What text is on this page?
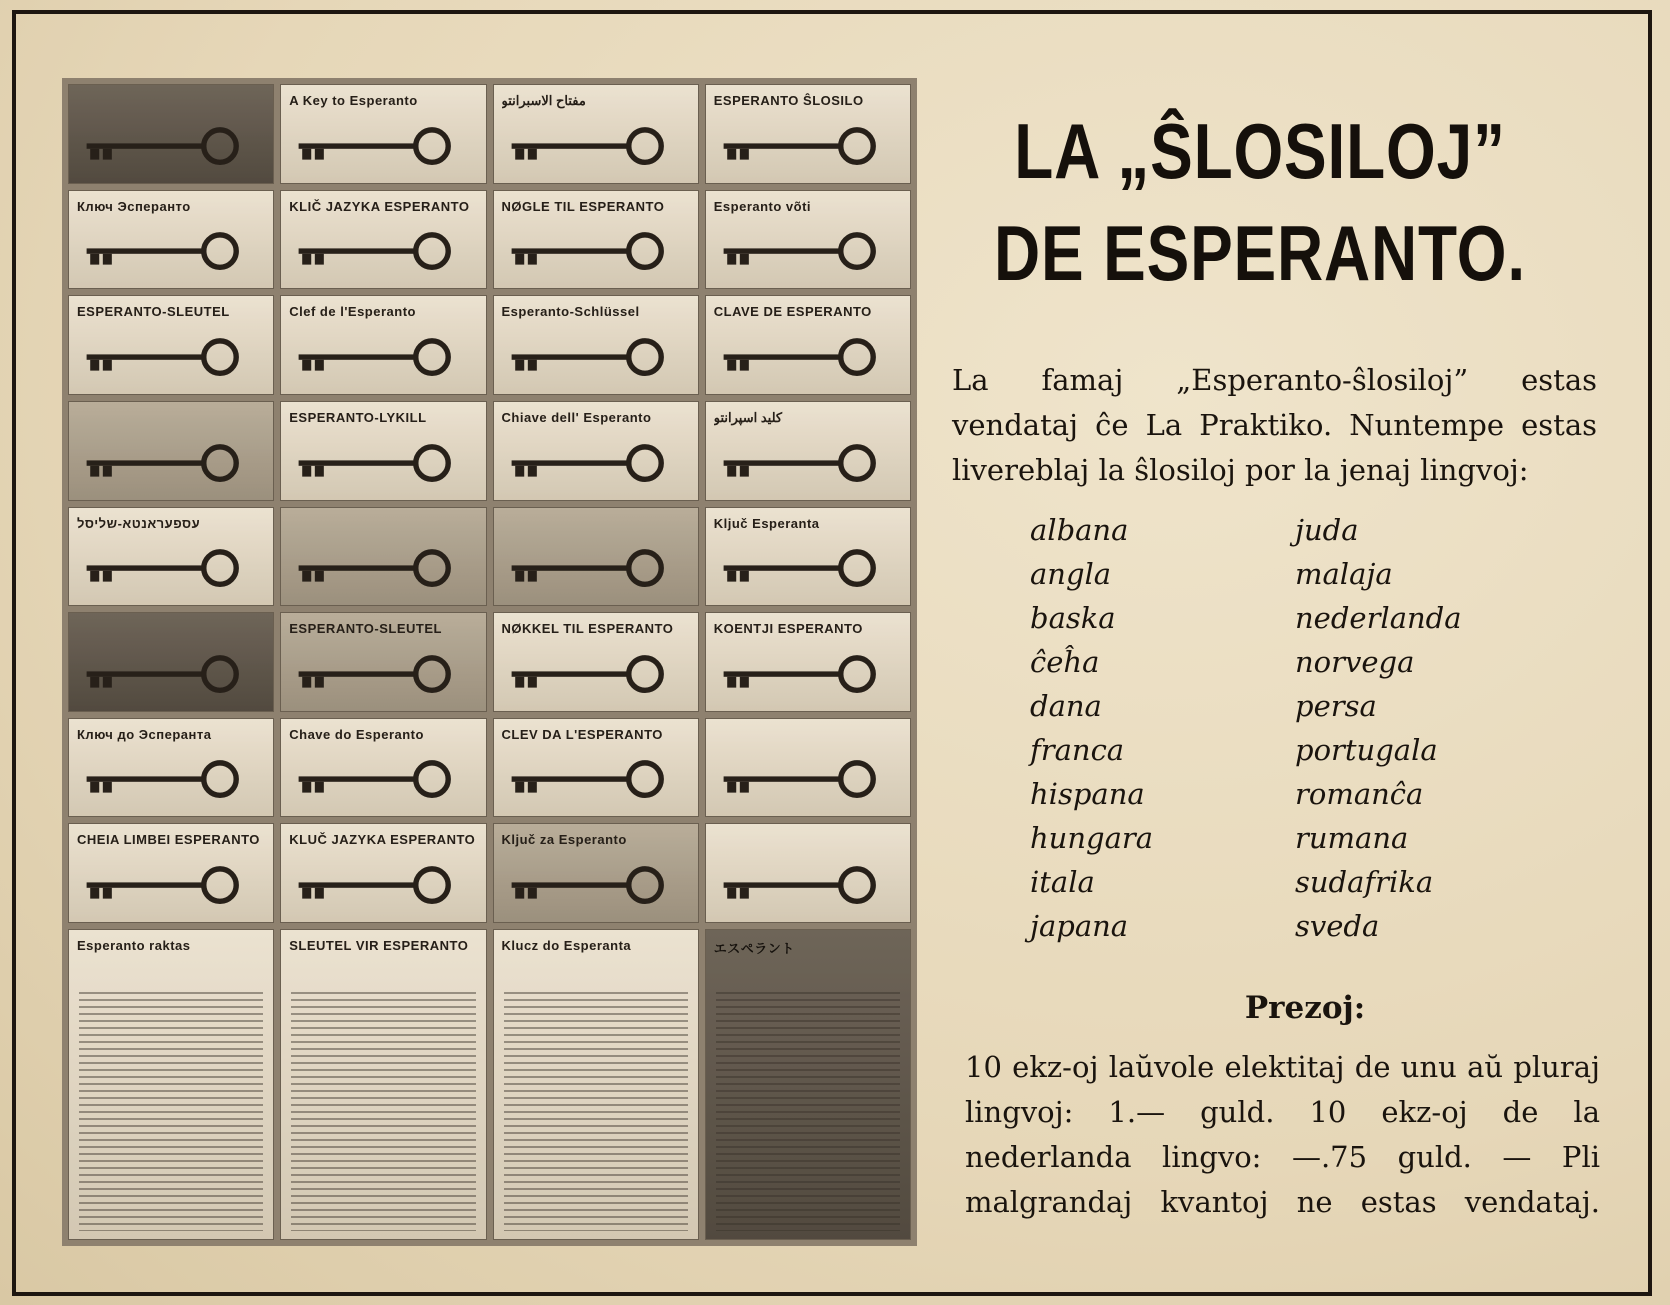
A Key to Esperanto	مفتاح الاسبرانتو	ESPERANTO ŜLOSILO
Ключ Эсперанто	KLIČ JAZYKA ESPERANTO	NØGLE TIL ESPERANTO	Esperanto võti
ESPERANTO-SLEUTEL	Clef de l'Esperanto	Esperanto-Schlüssel	CLAVE DE ESPERANTO
ESPERANTO-LYKILL	Chiave dell' Esperanto	كليد اسپرانتو
עספעראנטא-שליסל	Ključ Esperanta
ESPERANTO-SLEUTEL	NØKKEL TIL ESPERANTO	KOENTJI ESPERANTO
Ключ до Эсперанта	Chave do Esperanto	CLEV DA L'ESPERANTO
CHEIA LIMBEI ESPERANTO	KLUČ JAZYKA ESPERANTO Ključ za Esperanto
Esperanto raktas	SLEUTEL VIR ESPERANTO	Klucz do Esperanta	エスペラント
LA „ŜLOSILOJ”
DE ESPERANTO.
La famaj „Esperanto-ŝlosiloj” estas vendataj ĉe La Praktiko. Nuntempe estas livereblaj la ŝlosiloj por la jenaj lingvoj:
albana	juda
angla	malaja
baska	nederlanda
ĉeĥa	norvega
dana	persa
franca	portugala
hispana	romanĉa
hungara	rumana
itala	sudafrika
japana	sveda
Prezoj:
10 ekz-oj laŭvole elektitaj de unu aŭ pluraj lingvoj: 1.— guld. 10 ekz-oj de la nederlanda lingvo: —.75 guld. — Pli malgrandaj kvantoj ne estas vendataj.
